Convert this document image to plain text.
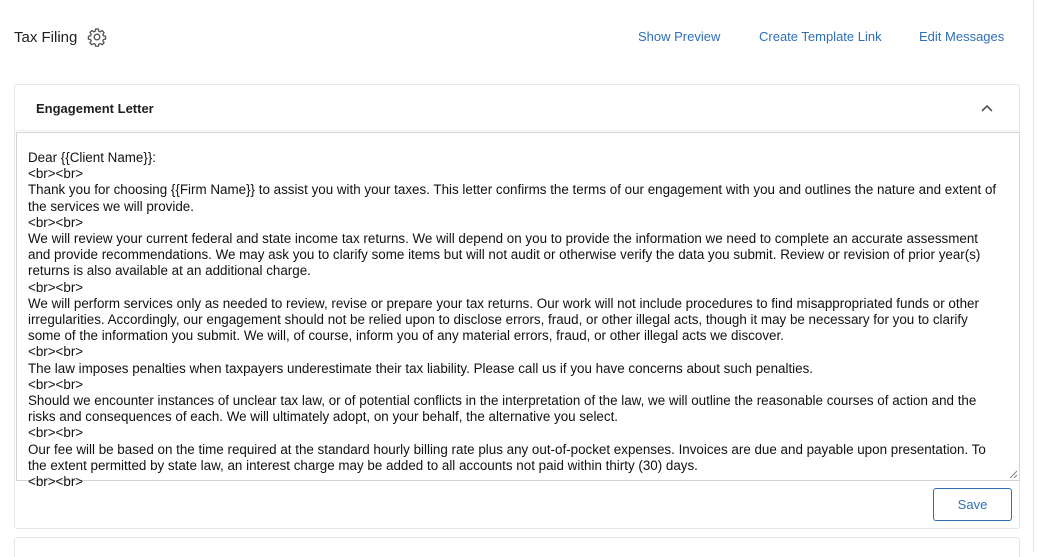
Tax Filing	Show Preview	Create Template Link	Edit Messages
Engagement Letter
Dear {{Client Name}}:
<br><br>
Thank you for choosing {{Firm Name}} to assist you with your taxes. This letter confirms the terms of our engagement with you and outlines the nature and extent of the services we will provide.
<br><br>
We will review your current federal and state income tax returns. We will depend on you to provide the information we need to complete an accurate assessment and provide recommendations. We may ask you to clarify some items but will not audit or otherwise verify the data you submit. Review or revision of prior year(s) returns is also available at an additional charge.
<br><br>
We will perform services only as needed to review, revise or prepare your tax returns. Our work will not include procedures to find misappropriated funds or other irregularities. Accordingly, our engagement should not be relied upon to disclose errors, fraud, or other illegal acts, though it may be necessary for you to clarify some of the information you submit. We will, of course, inform you of any material errors, fraud, or other illegal acts we discover.
<br><br>
The law imposes penalties when taxpayers underestimate their tax liability. Please call us if you have concerns about such penalties.
<br><br>
Should we encounter instances of unclear tax law, or of potential conflicts in the interpretation of the law, we will outline the reasonable courses of action and the risks and consequences of each. We will ultimately adopt, on your behalf, the alternative you select.
<br><br>
Our fee will be based on the time required at the standard hourly billing rate plus any out-of-pocket expenses. Invoices are due and payable upon presentation. To the extent permitted by state law, an interest charge may be added to all accounts not paid within thirty (30) days.
<br><br>
Save
